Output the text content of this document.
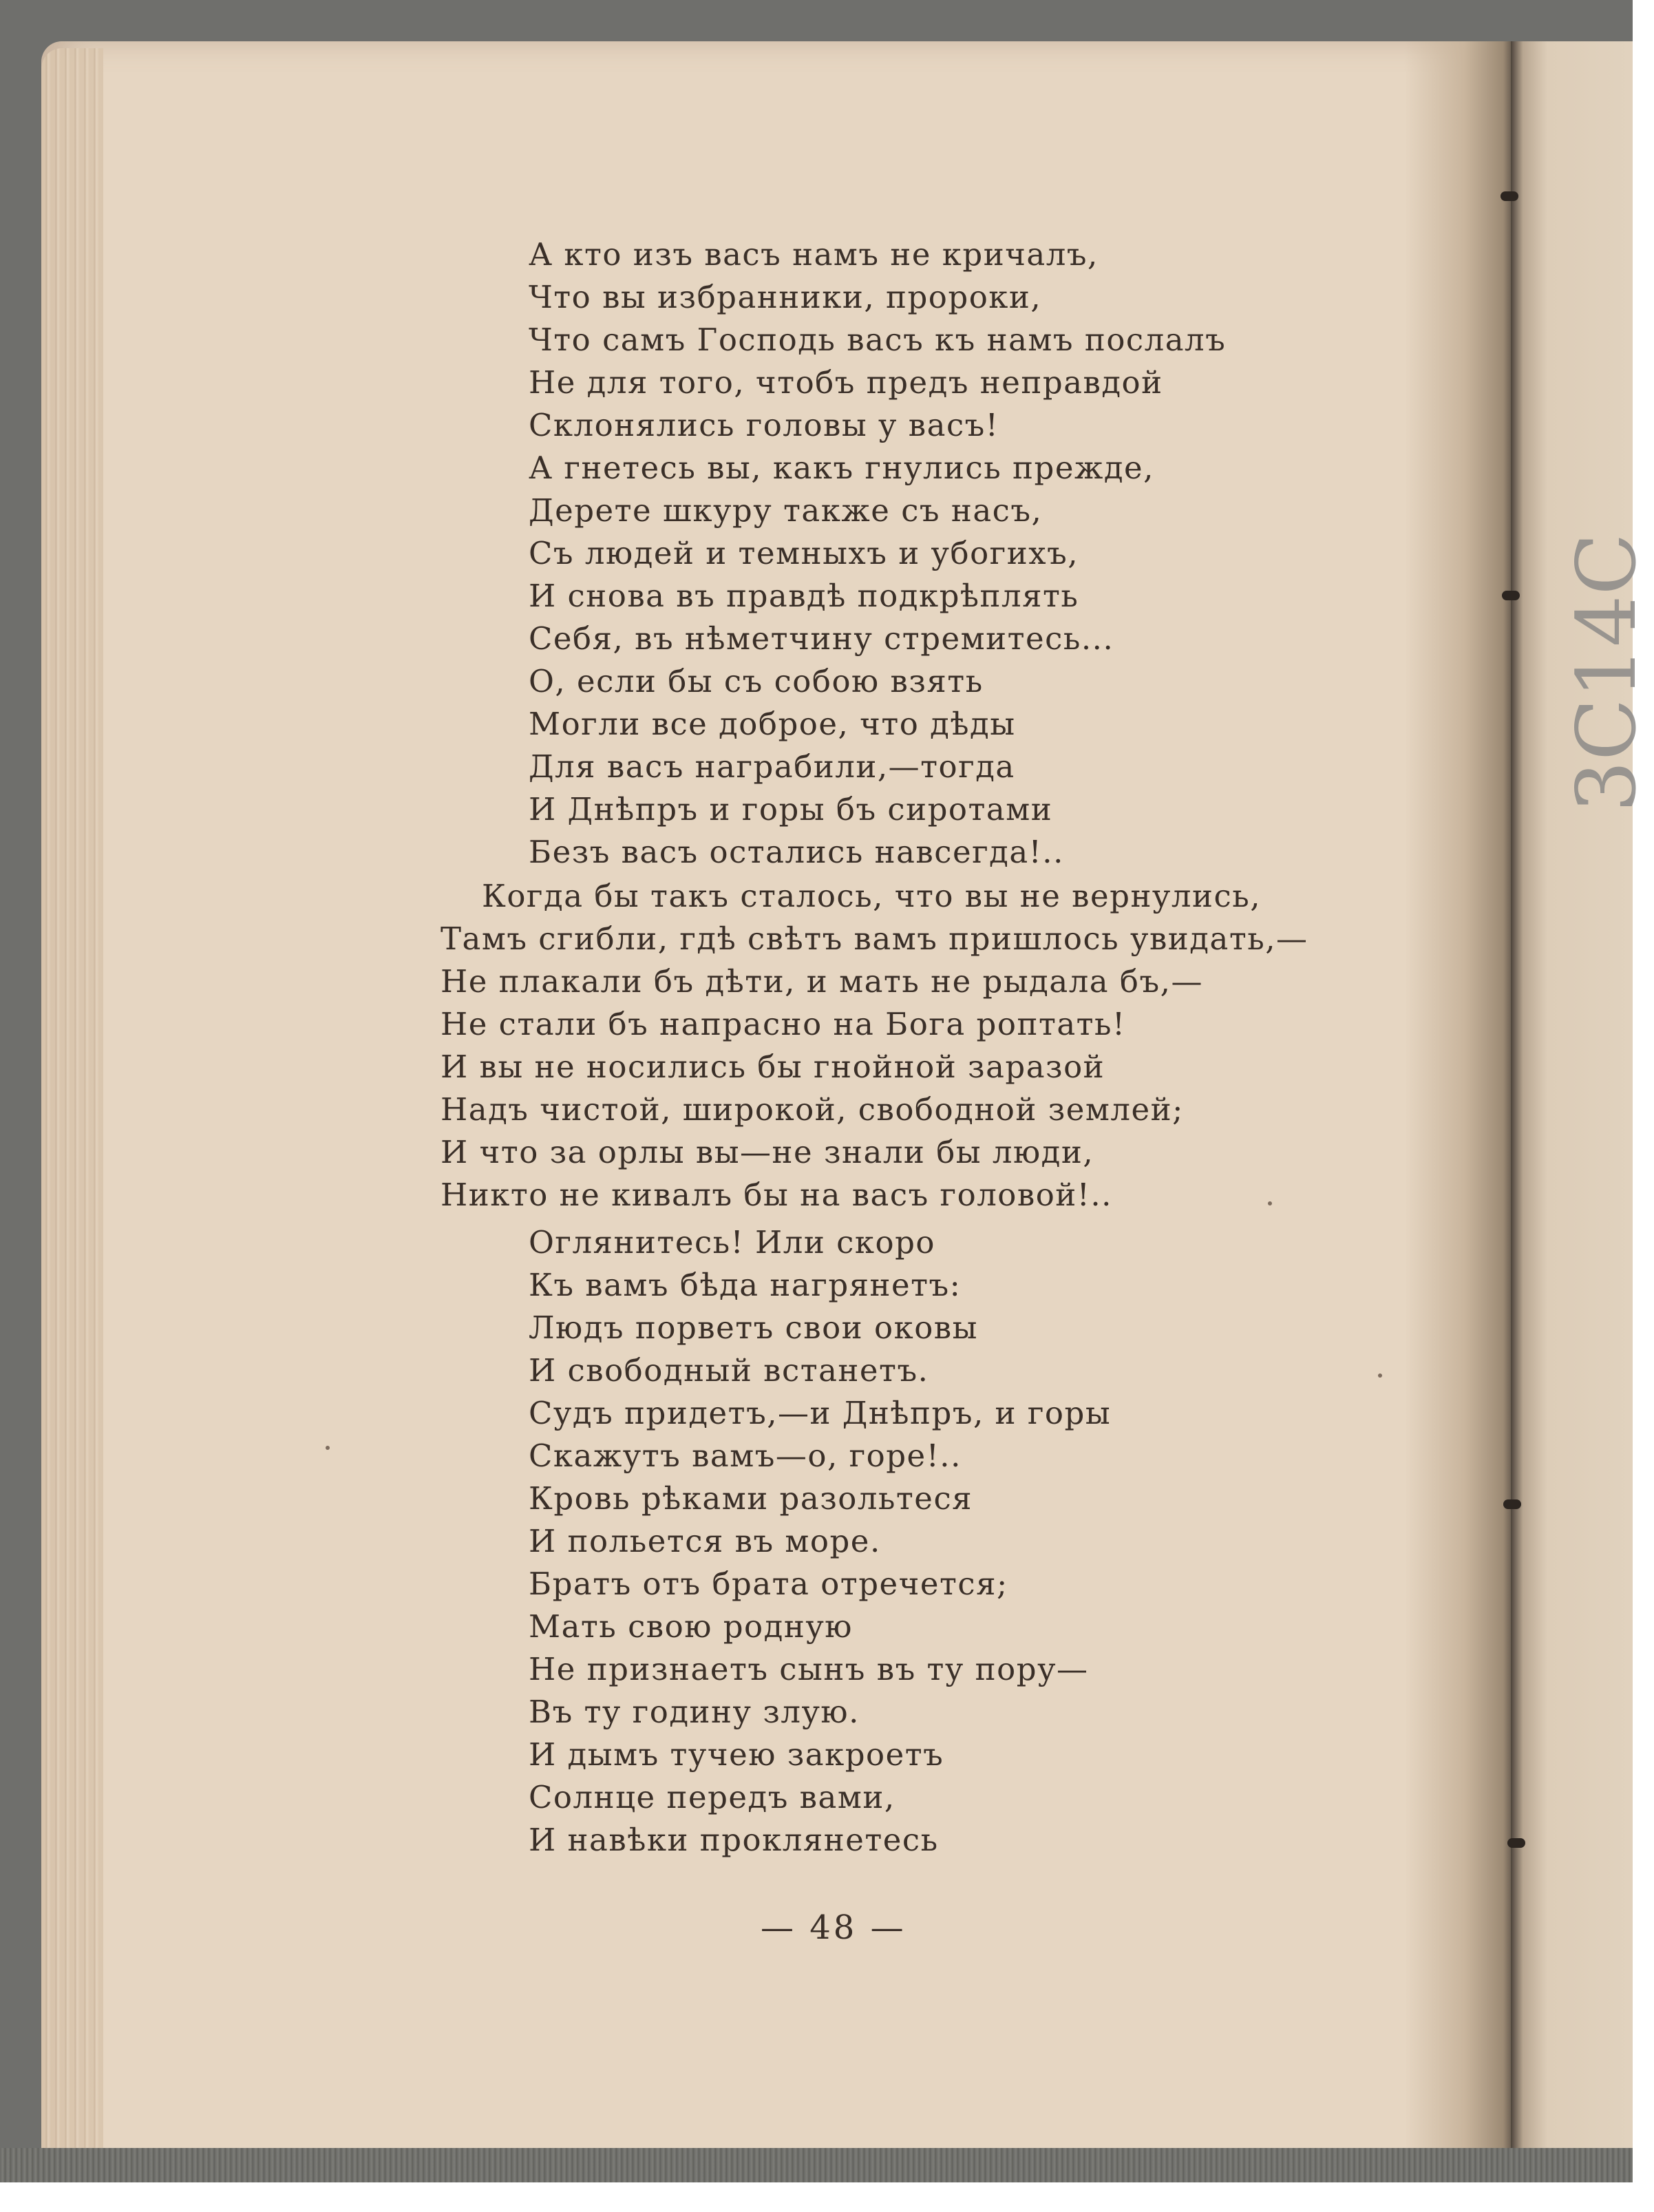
3С14С
А кто изъ васъ намъ не кричалъ,
Что вы избранники, пророки,
Что самъ Господь васъ къ намъ послалъ
Не для того, чтобъ предъ неправдой
Склонялись головы у васъ!
А гнетесь вы, какъ гнулись прежде,
Дерете шкуру также съ насъ,
Съ людей и темныхъ и убогихъ,
И снова въ правдѣ подкрѣплять
Себя, въ нѣметчину стремитесь...
О, если бы съ собою взять
Могли все доброе, что дѣды
Для васъ награбили,—тогда
И Днѣпръ и горы бъ сиротами
Безъ васъ остались навсегда!..
Когда бы такъ сталось, что вы не вернулись,
Тамъ сгибли, гдѣ свѣтъ вамъ пришлось увидать,—
Не плакали бъ дѣти, и мать не рыдала бъ,—
Не стали бъ напрасно на Бога роптать!
И вы не носились бы гнойной заразой
Надъ чистой, широкой, свободной землей;
И что за орлы вы—не знали бы люди,
Никто не кивалъ бы на васъ головой!..
Оглянитесь! Или скоро
Къ вамъ бѣда нагрянетъ:
Людъ порветъ свои оковы
И свободный встанетъ.
Судъ придетъ,—и Днѣпръ, и горы
Скажутъ вамъ—о, горе!..
Кровь рѣками разольтеся
И польется въ море.
Братъ отъ брата отречется;
Мать свою родную
Не признаетъ сынъ въ ту пору—
Въ ту годину злую.
И дымъ тучею закроетъ
Солнце передъ вами,
И навѣки проклянетесь
— 48 —
